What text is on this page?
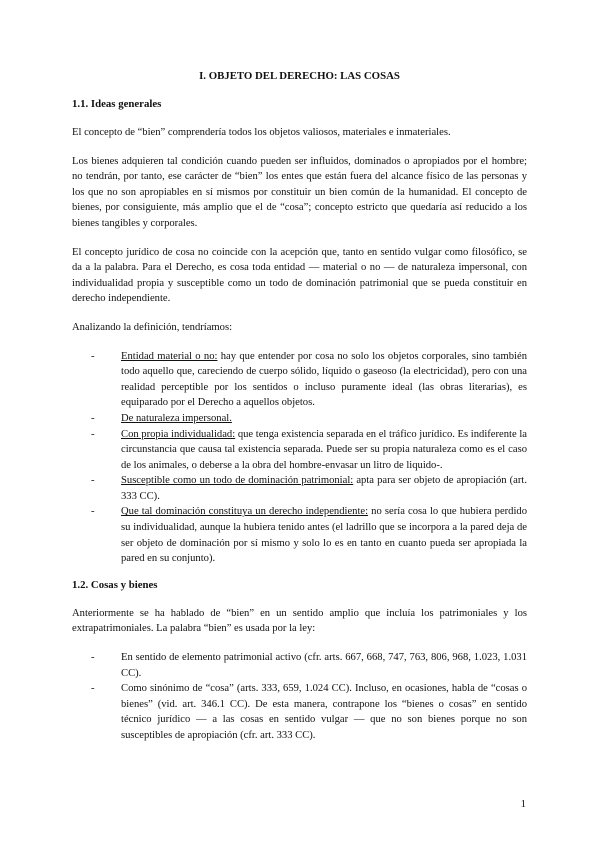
I. OBJETO DEL DERECHO: LAS COSAS
1.1. Ideas generales

El concepto de “bien” comprendería todos los objetos valiosos, materiales e inmateriales.

Los bienes adquieren tal condición cuando pueden ser influidos, dominados o apropiados por el hombre; no tendrán, por tanto, ese carácter de “bien” los entes que están fuera del alcance físico de las personas y los que no son apropiables en sí mismos por constituir un bien común de la humanidad. El concepto de bienes, por consiguiente, más amplio que el de “cosa”; concepto estricto que quedaría así reducido a los bienes tangibles y corporales.

El concepto jurídico de cosa no coincide con la acepción que, tanto en sentido vulgar como filosófico, se da a la palabra. Para el Derecho, es cosa toda entidad — material o no — de naturaleza impersonal, con individualidad propia y susceptible como un todo de dominación patrimonial que se pueda constituir en derecho independiente.

Analizando la definición, tendríamos:

- Entidad material o no: hay que entender por cosa no solo los objetos corporales, sino también todo aquello que, careciendo de cuerpo sólido, líquido o gaseoso (la electricidad), pero con una realidad perceptible por los sentidos o incluso puramente ideal (las obras literarias), es equiparado por el Derecho a aquellos objetos.
- De naturaleza impersonal.
- Con propia individualidad: que tenga existencia separada en el tráfico jurídico. Es indiferente la circunstancia que causa tal existencia separada. Puede ser su propia naturaleza como es el caso de los animales, o deberse a la obra del hombre-envasar un litro de liquido-.
- Susceptible como un todo de dominación patrimonial: apta para ser objeto de apropiación (art. 333 CC).
- Que tal dominación constituya un derecho independiente: no sería cosa lo que hubiera perdido su individualidad, aunque la hubiera tenido antes (el ladrillo que se incorpora a la pared deja de ser objeto de dominación por sí mismo y solo lo es en tanto en cuanto pueda ser apropiada la pared en su conjunto).
1.2. Cosas y bienes

Anteriormente se ha hablado de “bien” en un sentido amplio que incluía los patrimoniales y los extrapatrimoniales. La palabra “bien” es usada por la ley:

- En sentido de elemento patrimonial activo (cfr. arts. 667, 668, 747, 763, 806, 968, 1.023, 1.031 CC).
- Como sinónimo de “cosa” (arts. 333, 659, 1.024 CC). Incluso, en ocasiones, habla de “cosas o bienes” (vid. art. 346.1 CC). De esta manera, contrapone los “bienes o cosas” en sentido técnico jurídico — a las cosas en sentido vulgar — que no son bienes porque no son susceptibles de apropiación (cfr. art. 333 CC).
1
